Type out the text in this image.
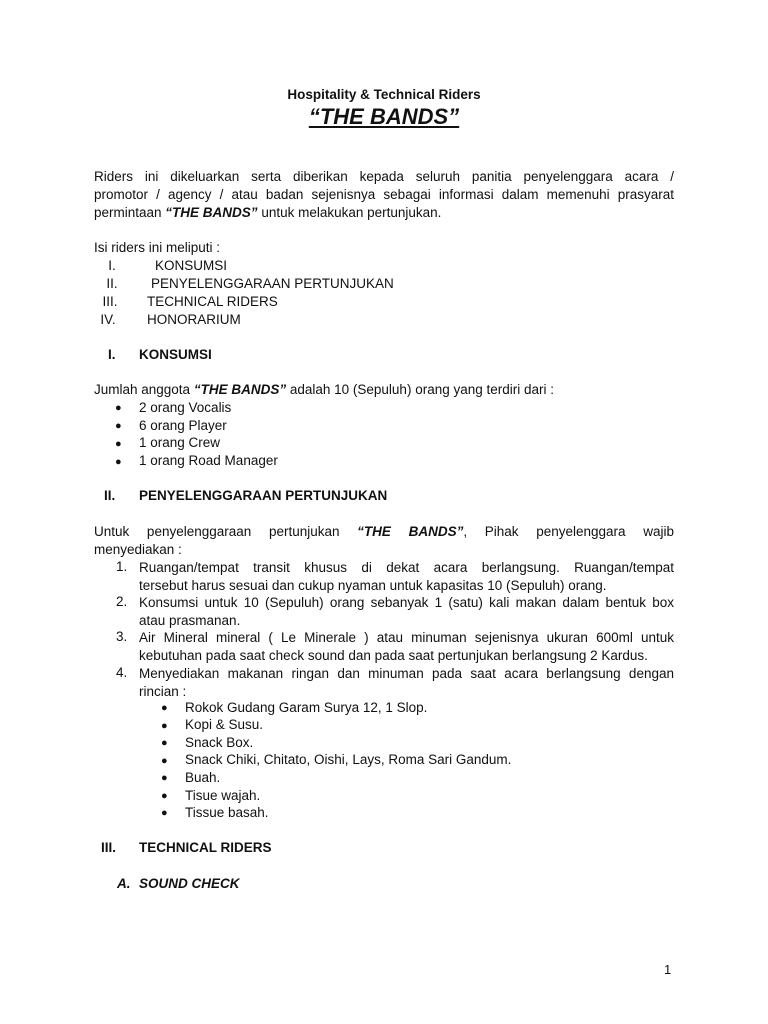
Hospitality & Technical Riders
“THE BANDS”
Riders ini dikeluarkan serta diberikan kepada seluruh panitia penyelenggara acara /
promotor / agency / atau badan sejenisnya sebagai informasi dalam memenuhi prasyarat
permintaan “THE BANDS” untuk melakukan pertunjukan.
Isi riders ini meliputi :
I.	KONSUMSI
II.	PENYELENGGARAAN PERTUNJUKAN
III.	TECHNICAL RIDERS
IV.	HONORARIUM
I. KONSUMSI
Jumlah anggota “THE BANDS” adalah 10 (Sepuluh) orang yang terdiri dari :
● 2 orang Vocalis
● 6 orang Player
● 1 orang Crew
● 1 orang Road Manager
II. PENYELENGGARAAN PERTUNJUKAN
Untuk penyelenggaraan pertunjukan “THE BANDS”, Pihak penyelenggara wajib
menyediakan :
1. Ruangan/tempat transit khusus di dekat acara berlangsung. Ruangan/tempat
tersebut harus sesuai dan cukup nyaman untuk kapasitas 10 (Sepuluh) orang.
2. Konsumsi untuk 10 (Sepuluh) orang sebanyak 1 (satu) kali makan dalam bentuk box
atau prasmanan.
3. Air Mineral mineral ( Le Minerale ) atau minuman sejenisnya ukuran 600ml untuk
kebutuhan pada saat check sound dan pada saat pertunjukan berlangsung 2 Kardus.
4. Menyediakan makanan ringan dan minuman pada saat acara berlangsung dengan
rincian :
● Rokok Gudang Garam Surya 12, 1 Slop.
● Kopi & Susu.
● Snack Box.
● Snack Chiki, Chitato, Oishi, Lays, Roma Sari Gandum.
● Buah.
● Tisue wajah.
● Tissue basah.
III. TECHNICAL RIDERS
A. SOUND CHECK
1
